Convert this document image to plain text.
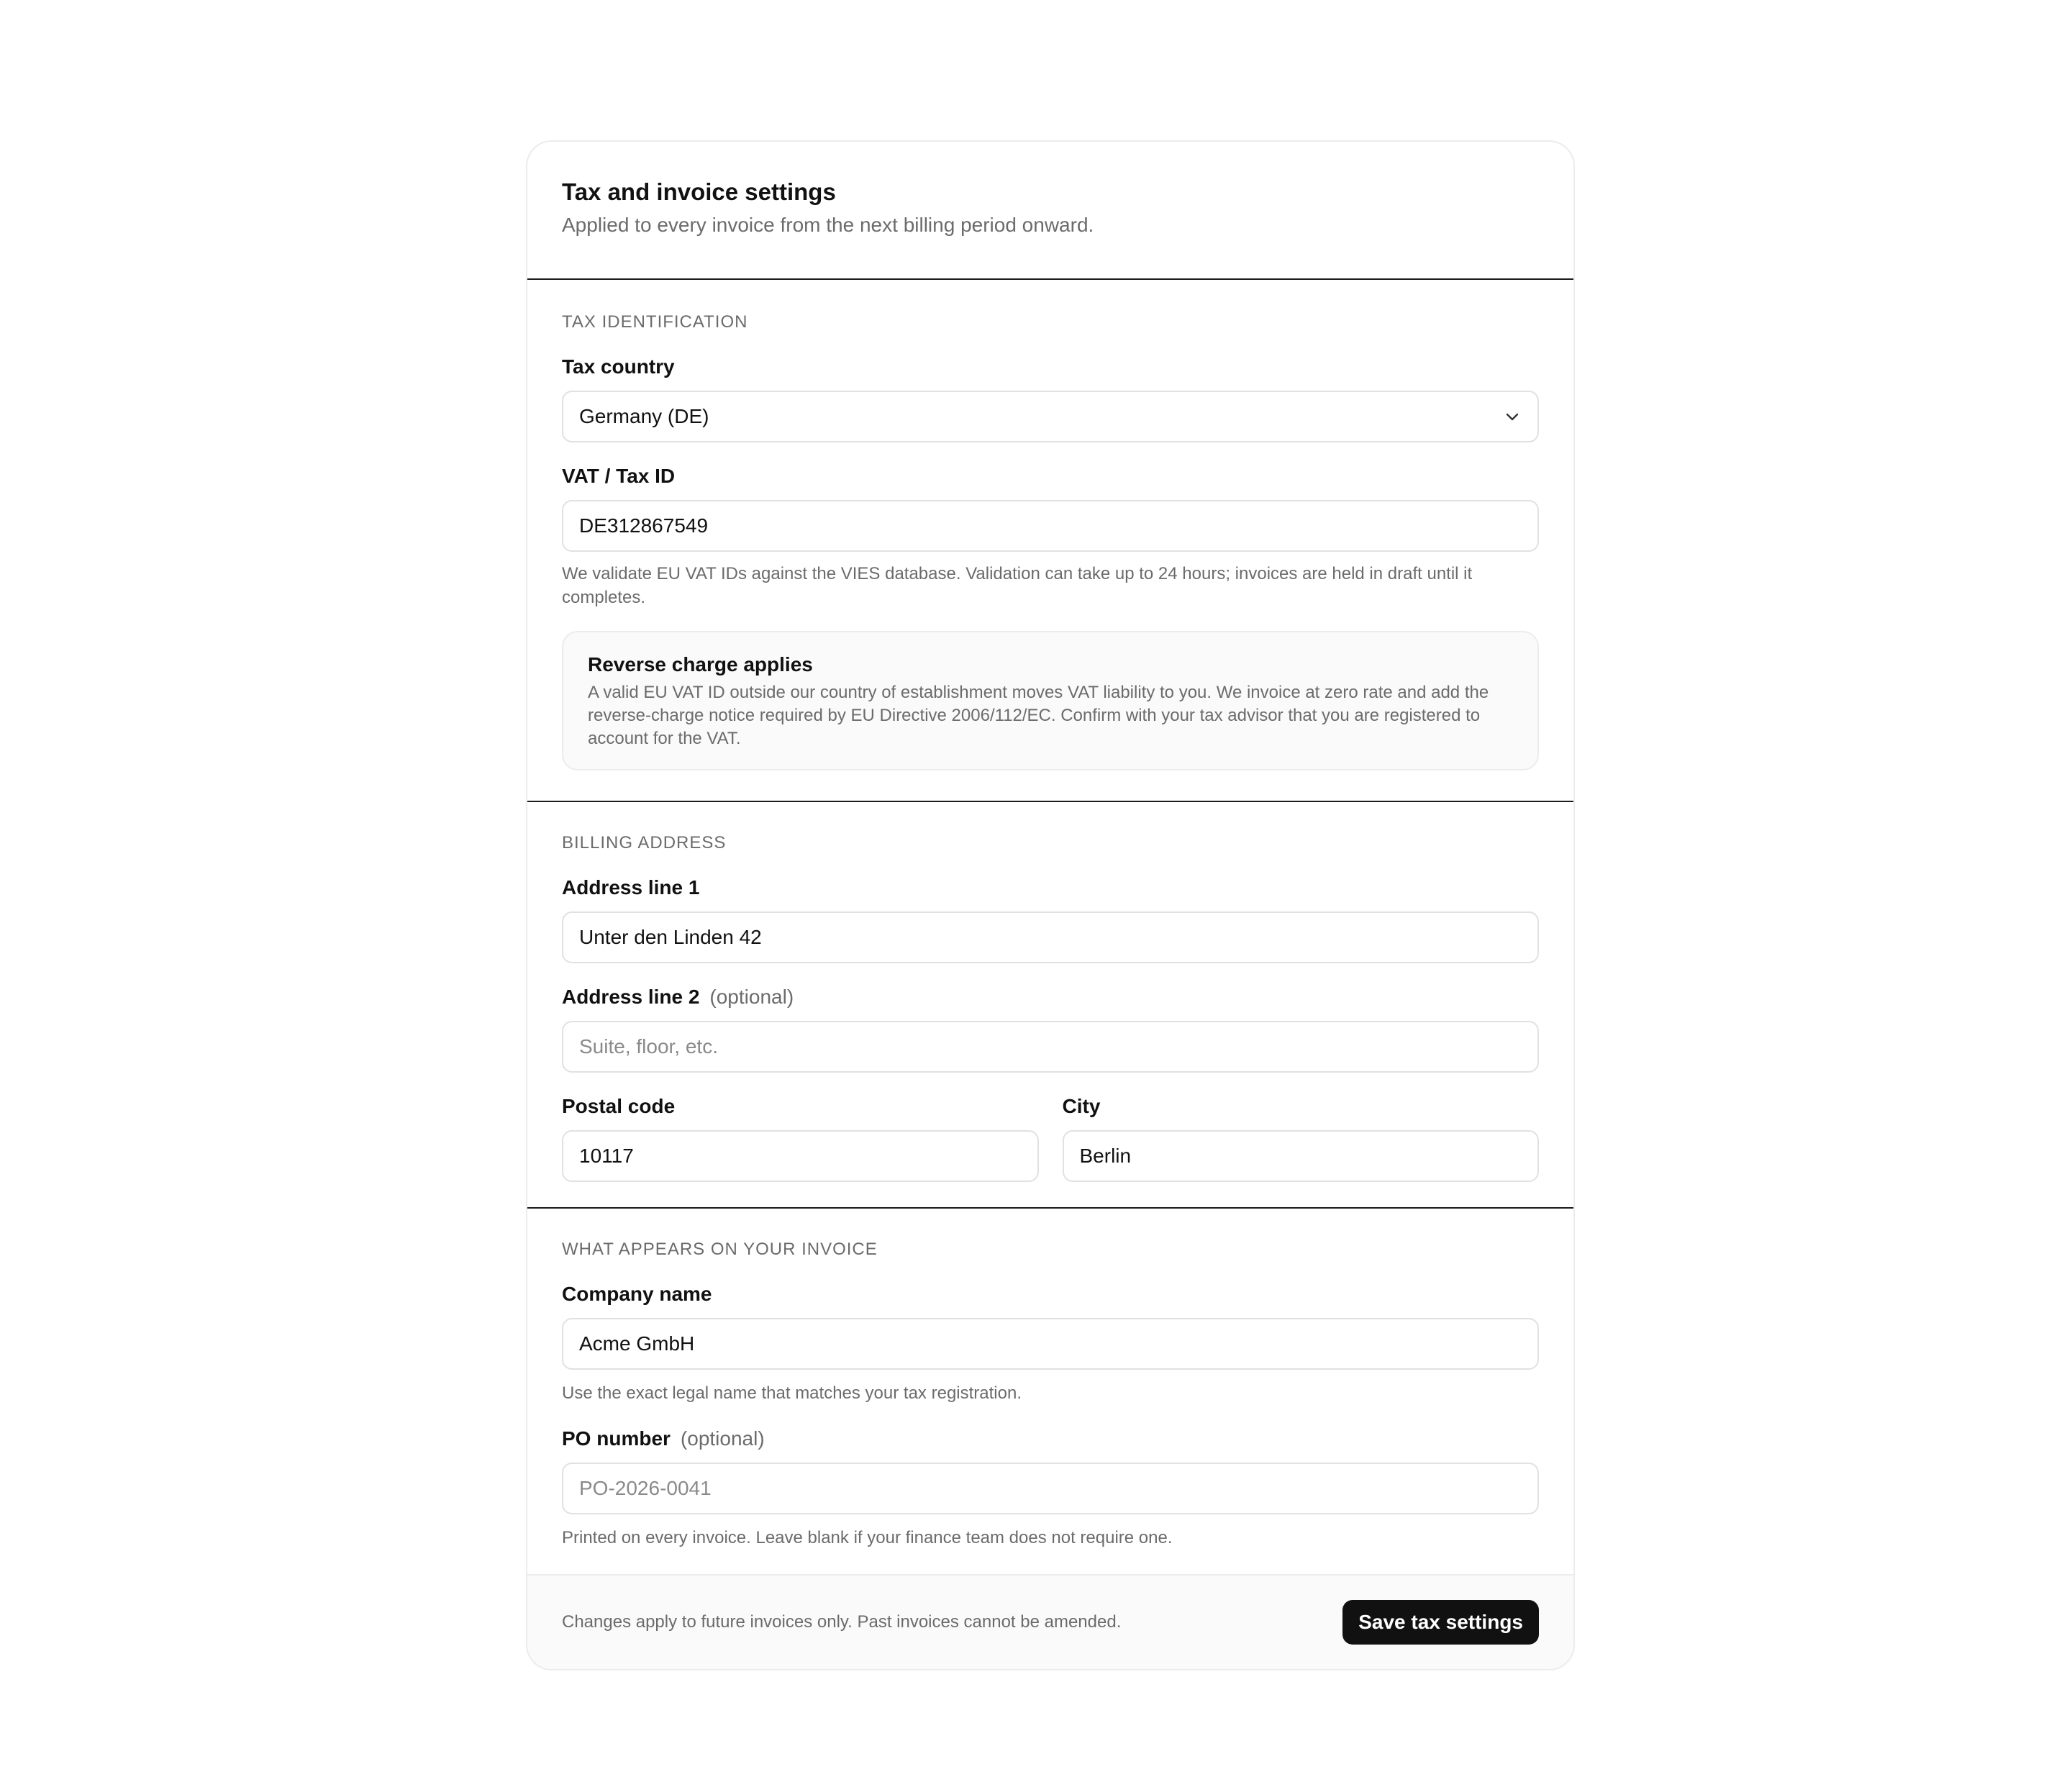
Tax and invoice settings
Applied to every invoice from the next billing period onward.
TAX IDENTIFICATION
Tax country
Germany (DE)
VAT / Tax ID
DE312867549
We validate EU VAT IDs against the VIES database. Validation can take up to 24 hours; invoices are held in draft until it completes.
Reverse charge applies
A valid EU VAT ID outside our country of establishment moves VAT liability to you. We invoice at zero rate and add the reverse-charge notice required by EU Directive 2006/112/EC. Confirm with your tax advisor that you are registered to account for the VAT.
BILLING ADDRESS
Address line 1
Unter den Linden 42
Address line 2 (optional)
Suite, floor, etc.
Postal code
10117	City
Berlin
WHAT APPEARS ON YOUR INVOICE
Company name
Acme GmbH
Use the exact legal name that matches your tax registration.
PO number (optional)
PO-2026-0041
Printed on every invoice. Leave blank if your finance team does not require one.
Changes apply to future invoices only. Past invoices cannot be amended.	Save tax settings
